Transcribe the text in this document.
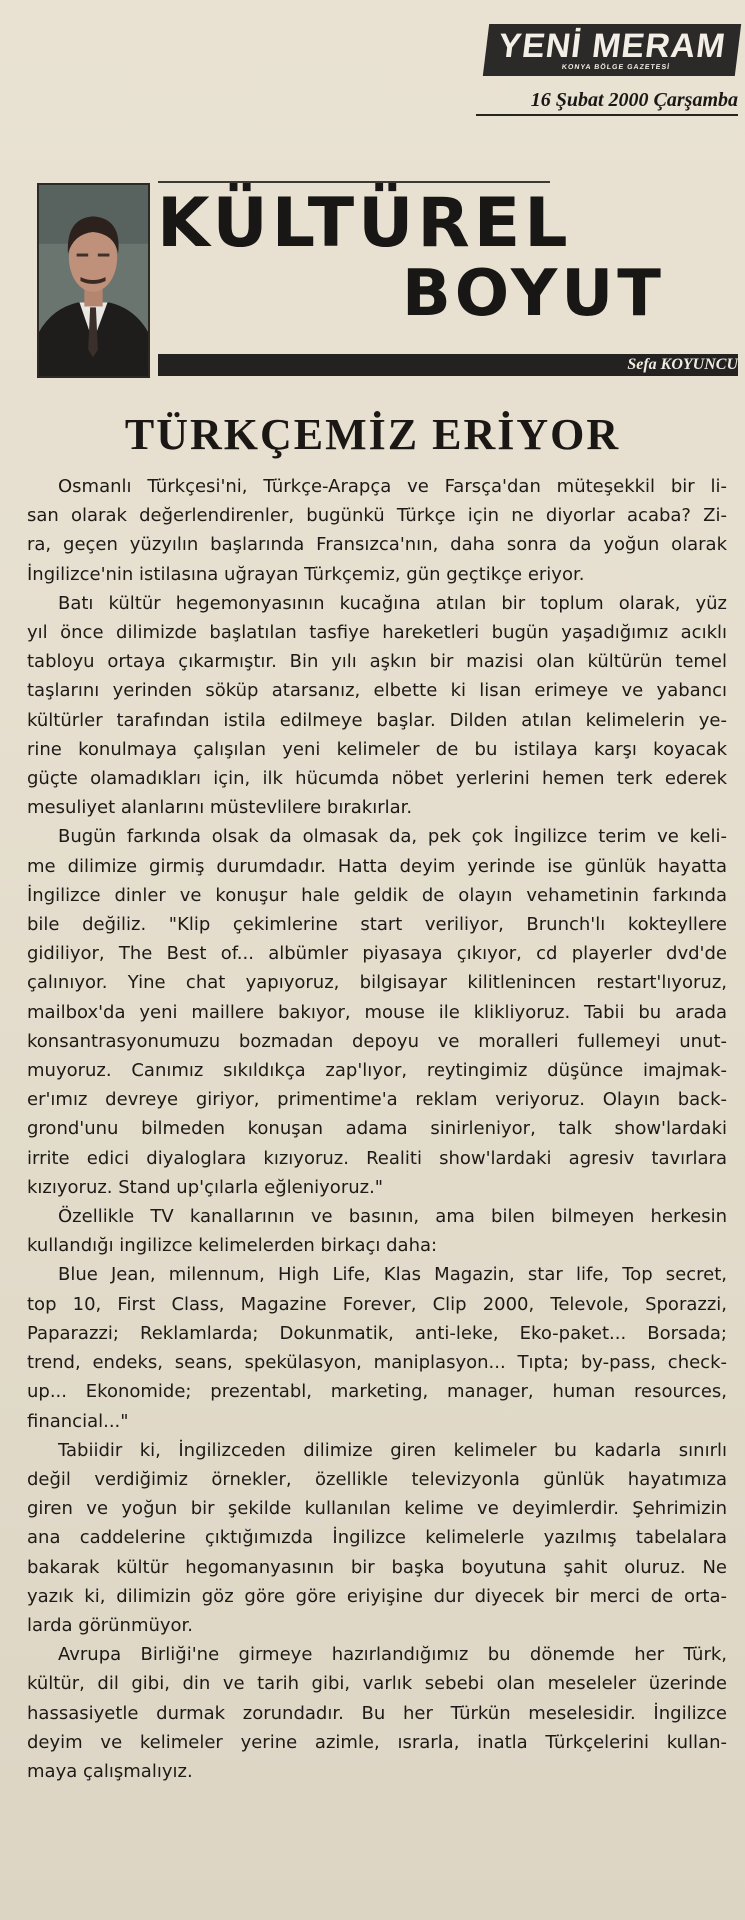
YENİ MERAM
KONYA BÖLGE GAZETESİ
16 Şubat 2000 Çarşamba
KÜLTÜREL
BOYUT
Sefa KOYUNCU
TÜRKÇEMİZ ERİYOR

Osmanlı Türkçesi'ni, Türkçe-Arapça ve Farsça'dan müteşekkil bir li-
san olarak değerlendirenler, bugünkü Türkçe için ne diyorlar acaba? Zi-
ra, geçen yüzyılın başlarında Fransızca'nın, daha sonra da yoğun olarak
İngilizce'nin istilasına uğrayan Türkçemiz, gün geçtikçe eriyor.

Batı kültür hegemonyasının kucağına atılan bir toplum olarak, yüz
yıl önce dilimizde başlatılan tasfiye hareketleri bugün yaşadığımız acıklı
tabloyu ortaya çıkarmıştır. Bin yılı aşkın bir mazisi olan kültürün temel
taşlarını yerinden söküp atarsanız, elbette ki lisan erimeye ve yabancı
kültürler tarafından istila edilmeye başlar. Dilden atılan kelimelerin ye-
rine konulmaya çalışılan yeni kelimeler de bu istilaya karşı koyacak
güçte olamadıkları için, ilk hücumda nöbet yerlerini hemen terk ederek
mesuliyet alanlarını müstevlilere bırakırlar.

Bugün farkında olsak da olmasak da, pek çok İngilizce terim ve keli-
me dilimize girmiş durumdadır. Hatta deyim yerinde ise günlük hayatta
İngilizce dinler ve konuşur hale geldik de olayın vehametinin farkında
bile değiliz. "Klip çekimlerine start veriliyor, Brunch'lı kokteyllere
gidiliyor, The Best of... albümler piyasaya çıkıyor, cd playerler dvd'de
çalınıyor. Yine chat yapıyoruz, bilgisayar kilitlenincen restart'lıyoruz,
mailbox'da yeni maillere bakıyor, mouse ile klikliyoruz. Tabii bu arada
konsantrasyonumuzu bozmadan depoyu ve moralleri fullemeyi unut-
muyoruz. Canımız sıkıldıkça zap'lıyor, reytingimiz düşünce imajmak-
er'ımız devreye giriyor, primentime'a reklam veriyoruz. Olayın back-
grond'unu bilmeden konuşan adama sinirleniyor, talk show'lardaki
irrite edici diyaloglara kızıyoruz. Realiti show'lardaki agresiv tavırlara
kızıyoruz. Stand up'çılarla eğleniyoruz."

Özellikle TV kanallarının ve basının, ama bilen bilmeyen herkesin
kullandığı ingilizce kelimelerden birkaçı daha:

Blue Jean, milennum, High Life, Klas Magazin, star life, Top secret,
top 10, First Class, Magazine Forever, Clip 2000, Televole, Sporazzi,
Paparazzi; Reklamlarda; Dokunmatik, anti-leke, Eko-paket... Borsada;
trend, endeks, seans, spekülasyon, maniplasyon... Tıpta; by-pass, check-
up... Ekonomide; prezentabl, marketing, manager, human resources,
financial..."

Tabiidir ki, İngilizceden dilimize giren kelimeler bu kadarla sınırlı
değil verdiğimiz örnekler, özellikle televizyonla günlük hayatımıza
giren ve yoğun bir şekilde kullanılan kelime ve deyimlerdir. Şehrimizin
ana caddelerine çıktığımızda İngilizce kelimelerle yazılmış tabelalara
bakarak kültür hegomanyasının bir başka boyutuna şahit oluruz. Ne
yazık ki, dilimizin göz göre göre eriyişine dur diyecek bir merci de orta-
larda görünmüyor.

Avrupa Birliği'ne girmeye hazırlandığımız bu dönemde her Türk,
kültür, dil gibi, din ve tarih gibi, varlık sebebi olan meseleler üzerinde
hassasiyetle durmak zorundadır. Bu her Türkün meselesidir. İngilizce
deyim ve kelimeler yerine azimle, ısrarla, inatla Türkçelerini kullan-
maya çalışmalıyız.
